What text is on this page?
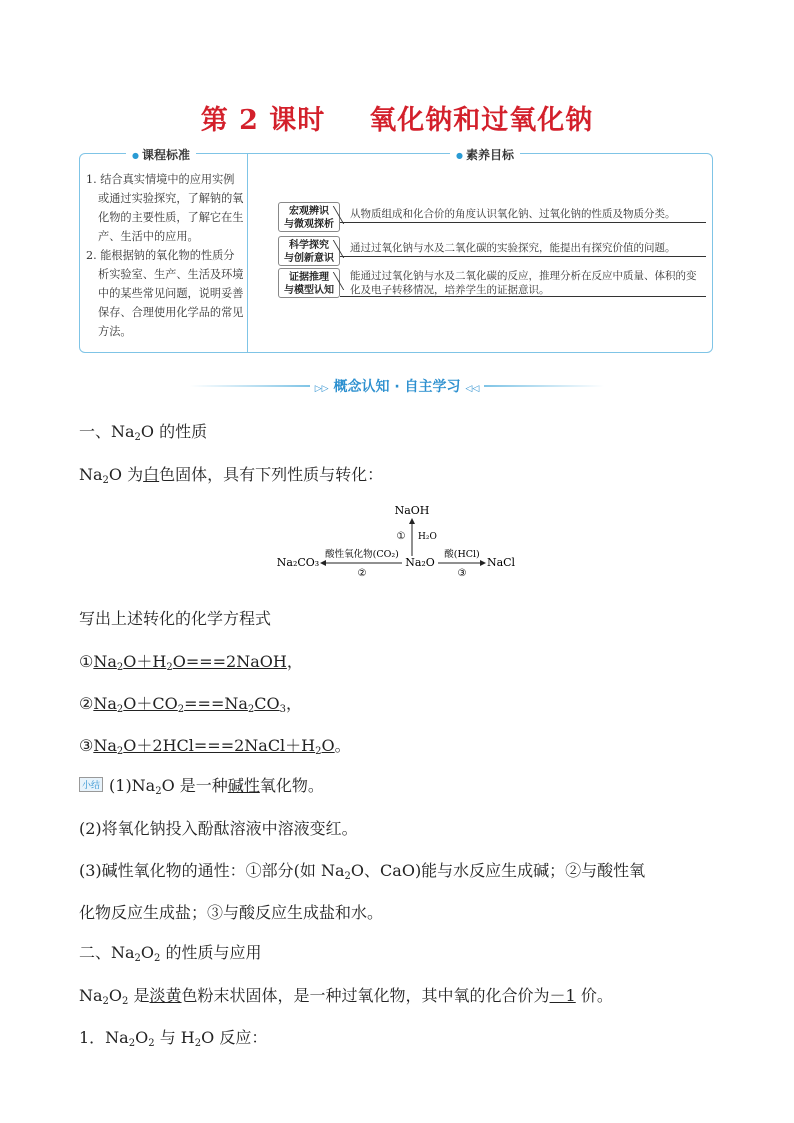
第 2 课时 氧化钠和过氧化钠
● 课程标准
●	素养目标
1. 结合真实情境中的应用实例或通过实验探究，了解钠的氧化物的主要性质，了解它在生产、生活中的应用。
2. 能根据钠的氧化物的性质分析实验室、生产、生活及环境中的某些常见问题，说明妥善保存、合理使用化学品的常见方法。
宏观辨识
与微观探析
从物质组成和化合价的角度认识氧化钠、过氧化钠的性质及物质分类。
科学探究
与创新意识
通过过氧化钠与水及二氧化碳的实验探究，能提出有探究价值的问题。
证据推理
与模型认知
能通过过氧化钠与水及二氧化碳的反应，推理分析在反应中质量、体积的变化及电子转移情况，培养学生的证据意识。
▷▷ 概念认知 · 自主学习 ◁◁
一、$Na_2O$ 的性质
$Na_2O$ 为白色固体，具有下列性质与转化：
NaOH
① H₂O
Na₂O
酸性氧化物(CO₂)
②
Na₂CO₃
酸(HCl)
③
NaCl
写出上述转化的化学方程式
$①Na_2O+H_2O===2NaOH$，
$②Na_2O+CO_2===Na_2CO_3$，
$③Na_2O+2HCl===2NaCl+H_2O$。
小结 $(1)Na_2O$ 是一种碱性氧化物。
(2)将氧化钠投入酚酞溶液中溶液变红。
(3)碱性氧化物的通性：①部分(如 $Na_2O$、CaO)能与水反应生成碱；②与酸性氧
化物反应生成盐；③与酸反应生成盐和水。
二、$Na_2O_2$ 的性质与应用
$Na_2O_2$ 是淡黄色粉末状固体，是一种过氧化物，其中氧的化合价为－1 价。
1．$Na_2O_2$ 与 $H_2O$ 反应：
